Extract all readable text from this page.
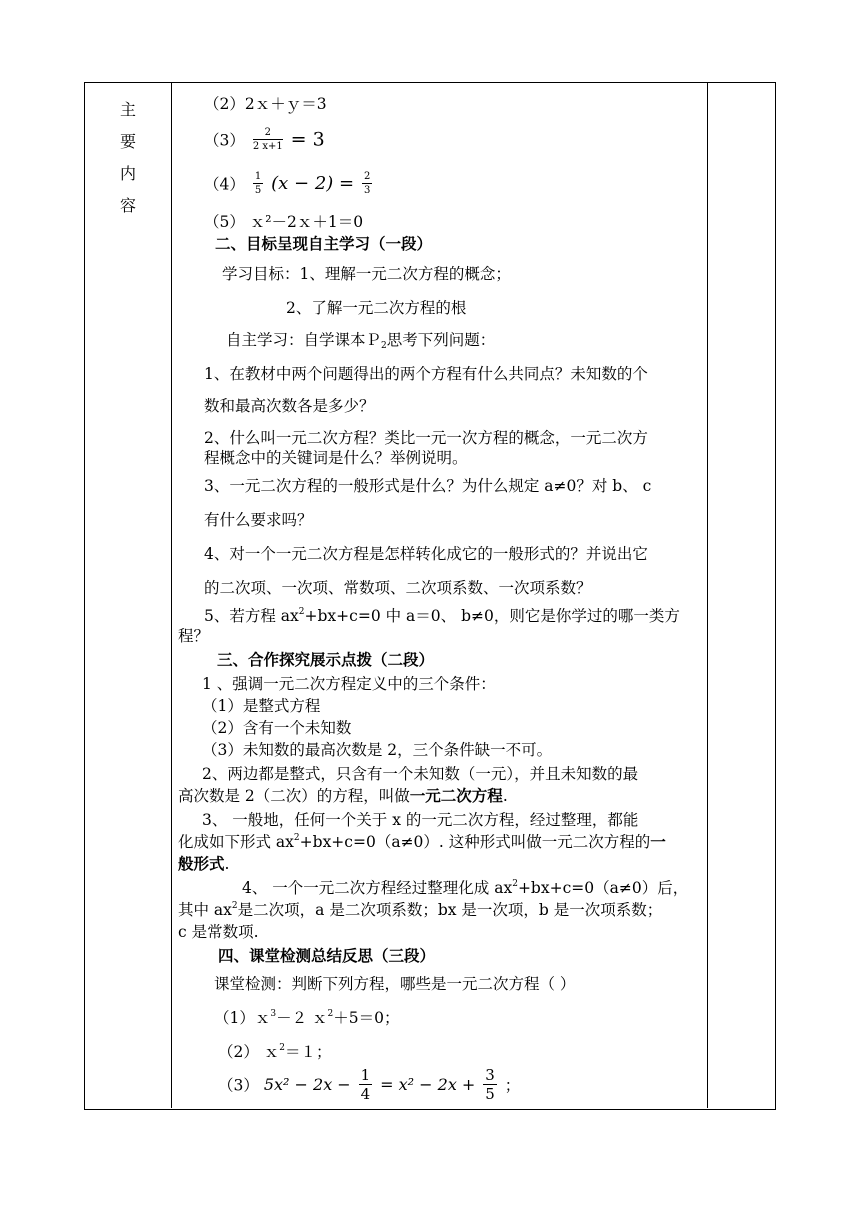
主要内容
（2）2ｘ＋ｙ＝3
$(3) \frac{2}{2 x+1} = 3$
$(4) \frac{1}{5} (x - 2) = \frac{2}{3}$
（5） ｘ²－2ｘ＋1＝0
二、目标呈现自主学习（一段）
学习目标：1、理解一元二次方程的概念；
2、了解一元二次方程的根
自主学习：自学课本Ｐ$_2$思考下列问题：
1、在教材中两个问题得出的两个方程有什么共同点？未知数的个
数和最高次数各是多少？
2、什么叫一元二次方程？类比一元一次方程的概念，一元二次方
程概念中的关键词是什么？举例说明。
3、一元二次方程的一般形式是什么？为什么规定 a≠0？对 b、 c
有什么要求吗？
4、对一个一元二次方程是怎样转化成它的一般形式的？并说出它
的二次项、一次项、常数项、二次项系数、一次项系数？
5、若方程 $ax^2+bx+c=0$ 中 a＝0、 b≠0，则它是你学过的哪一类方
程？
三、合作探究展示点拨（二段）
1 、强调一元二次方程定义中的三个条件：
（1）是整式方程
（2）含有一个未知数
（3）未知数的最高次数是 2，三个条件缺一不可。
2、两边都是整式，只含有一个未知数（一元），并且未知数的最
高次数是 2（二次）的方程，叫做一元二次方程.
3、 一般地，任何一个关于 x 的一元二次方程，经过整理，都能
化成如下形式 $ax^2+bx+c=0(a\ne 0)$. 这种形式叫做一元二次方程的一
般形式.
4、 一个一元二次方程经过整理化成 $ax^2+bx+c=0(a\ne 0)$后，
其中 $ax^2$是二次项，a 是二次项系数；bx 是一次项，b 是一次项系数；
c 是常数项.
四、课堂检测总结反思（三段）
课堂检测：判断下列方程，哪些是一元二次方程（ ）
（1）ｘ$^3$－２ ｘ$^2$＋5＝0；
（2） ｘ$^2$＝１；
（3） $5x^2 - 2x - \frac{1}{4} = x^2 - 2x + \frac{3}{5}$ ；
